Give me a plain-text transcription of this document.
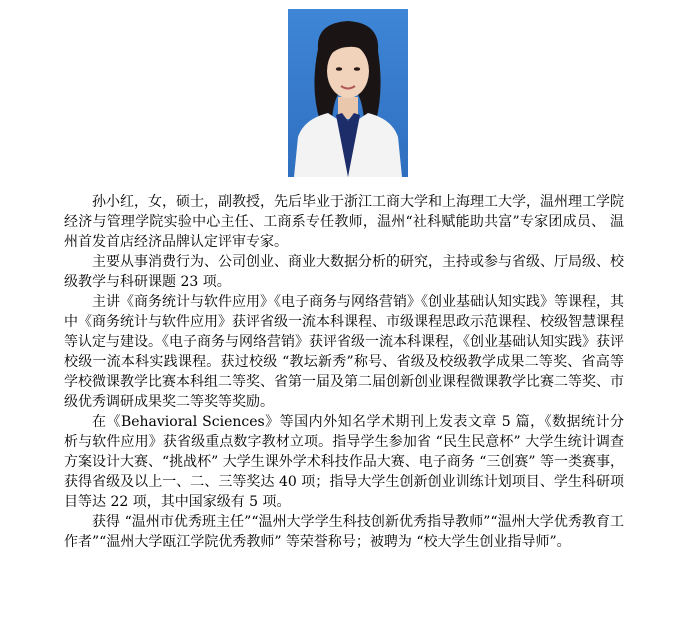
孙小红，女，硕士，副教授，先后毕业于浙江工商大学和上海理工大学，温州理工学院经济与管理学院实验中心主任、工商系专任教师，温州“社科赋能助共富”专家团成员、 温州首发首店经济品牌认定评审专家。

主要从事消费行为、公司创业、商业大数据分析的研究，主持或参与省级、厅局级、校级教学与科研课题 23 项。

主讲《商务统计与软件应用》《电子商务与网络营销》《创业基础认知实践》等课程，其中《商务统计与软件应用》获评省级一流本科课程、市级课程思政示范课程、校级智慧课程等认定与建设。《电子商务与网络营销》获评省级一流本科课程，《创业基础认知实践》获评校级一流本科实践课程。获过校级 “教坛新秀”称号、省级及校级教学成果二等奖、省高等学校微课教学比赛本科组二等奖、省第一届及第二届创新创业课程微课教学比赛二等奖、市级优秀调研成果奖二等奖等奖励。

在《Behavioral Sciences》等国内外知名学术期刊上发表文章 5 篇，《数据统计分析与软件应用》获省级重点数字教材立项。指导学生参加省 “民生民意杯” 大学生统计调查方案设计大赛、“挑战杯” 大学生课外学术科技作品大赛、电子商务 “三创赛” 等一类赛事，获得省级及以上一、二、三等奖达 40 项；指导大学生创新创业训练计划项目、学生科研项目等达 22 项，其中国家级有 5 项。

获得 “温州市优秀班主任”“温州大学学生科技创新优秀指导教师”“温州大学优秀教育工作者”“温州大学瓯江学院优秀教师” 等荣誉称号；被聘为 “校大学生创业指导师”。
